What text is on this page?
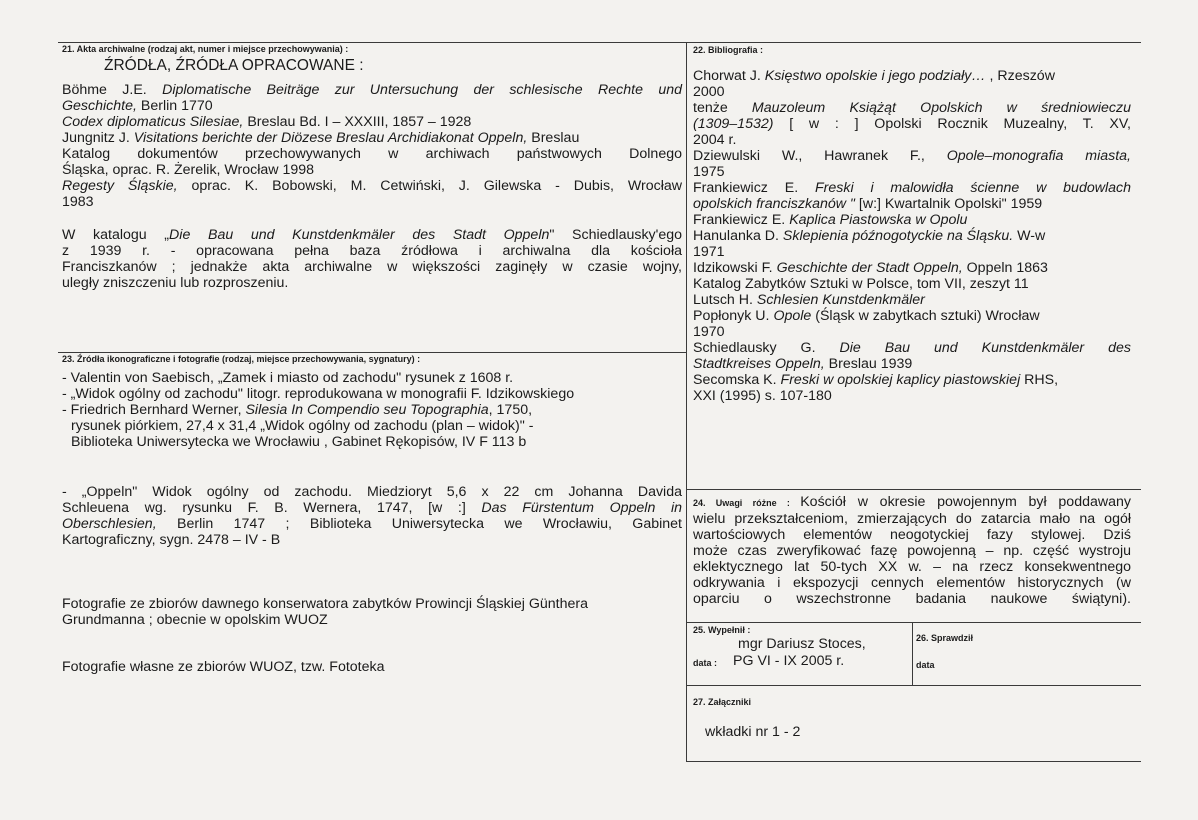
21. Akta archiwalne (rodzaj akt, numer i miejsce przechowywania) :
ŹRÓDŁA, ŹRÓDŁA OPRACOWANE :
Böhme J.E. Diplomatische Beiträge zur Untersuchung der schlesische Rechte und
Geschichte, Berlin 1770
Codex diplomaticus Silesiae, Breslau Bd. I – XXXIII, 1857 – 1928
Jungnitz J. Visitations berichte der Diözese Breslau Archidiakonat Oppeln, Breslau
Katalog dokumentów przechowywanych w archiwach państwowych Dolnego
Śląska, oprac. R. Żerelik, Wrocław 1998
Regesty Śląskie, oprac. K. Bobowski, M. Cetwiński, J. Gilewska - Dubis, Wrocław
1983
W katalogu „Die Bau und Kunstdenkmäler des Stadt Oppeln" Schiedlausky'ego
z 1939 r. - opracowana pełna baza źródłowa i archiwalna dla kościoła
Franciszkanów ; jednakże akta archiwalne w większości zaginęły w czasie wojny,
uległy zniszczeniu lub rozproszeniu.
23. Źródła ikonograficzne i fotografie (rodzaj, miejsce przechowywania, sygnatury) :
- Valentin von Saebisch, „Zamek i miasto od zachodu" rysunek z 1608 r.
- „Widok ogólny od zachodu" litogr. reprodukowana w monografii F. Idzikowskiego
- Friedrich Bernhard Werner, Silesia In Compendio seu Topographia, 1750,
rysunek piórkiem, 27,4 x 31,4 „Widok ogólny od zachodu (plan – widok)" -
Biblioteka Uniwersytecka we Wrocławiu , Gabinet Rękopisów, IV F 113 b
- „Oppeln" Widok ogólny od zachodu. Miedzioryt 5,6 x 22 cm Johanna Davida
Schleuena wg. rysunku F. B. Wernera, 1747, [w :] Das Fürstentum Oppeln in
Oberschlesien, Berlin 1747 ; Biblioteka Uniwersytecka we Wrocławiu, Gabinet
Kartograficzny, sygn. 2478 – IV - B
Fotografie ze zbiorów dawnego konserwatora zabytków Prowincji Śląskiej Günthera
Grundmanna ; obecnie w opolskim WUOZ
Fotografie własne ze zbiorów WUOZ, tzw. Fototeka
22. Bibliografia :
Chorwat J. Księstwo opolskie i jego podziały… , Rzeszów
2000
tenże Mauzoleum Książąt Opolskich w średniowieczu
(1309–1532) [ w : ] Opolski Rocznik Muzealny, T. XV,
2004 r.
Dziewulski W., Hawranek F., Opole–monografia miasta,
1975
Frankiewicz E. Freski i malowidła ścienne w budowlach
opolskich franciszkanów " [w:] Kwartalnik Opolski" 1959
Frankiewicz E. Kaplica Piastowska w Opolu
Hanulanka D. Sklepienia późnogotyckie na Śląsku. W-w
1971
Idzikowski F. Geschichte der Stadt Oppeln, Oppeln 1863
Katalog Zabytków Sztuki w Polsce, tom VII, zeszyt 11
Lutsch H. Schlesien Kunstdenkmäler
Popłonyk U. Opole (Śląsk w zabytkach sztuki) Wrocław
1970
Schiedlausky G. Die Bau und Kunstdenkmäler des
Stadtkreises Oppeln, Breslau 1939
Secomska K. Freski w opolskiej kaplicy piastowskiej RHS,
XXI (1995) s. 107-180
24. Uwagi różne : Kościół w okresie powojennym był poddawany
wielu przekształceniom, zmierzających do zatarcia mało na ogół
wartościowych elementów neogotyckiej fazy stylowej. Dziś
może czas zweryfikować fazę powojenną – np. część wystroju
eklektycznego lat 50-tych XX w. – na rzecz konsekwentnego
odkrywania i ekspozycji cennych elementów historycznych (w
oparciu o wszechstronne badania naukowe świątyni).
25. Wypełnił :
mgr Dariusz Stoces,
data : PG VI - IX 2005 r.
26. Sprawdził
data
27. Załączniki
wkładki nr 1 - 2
